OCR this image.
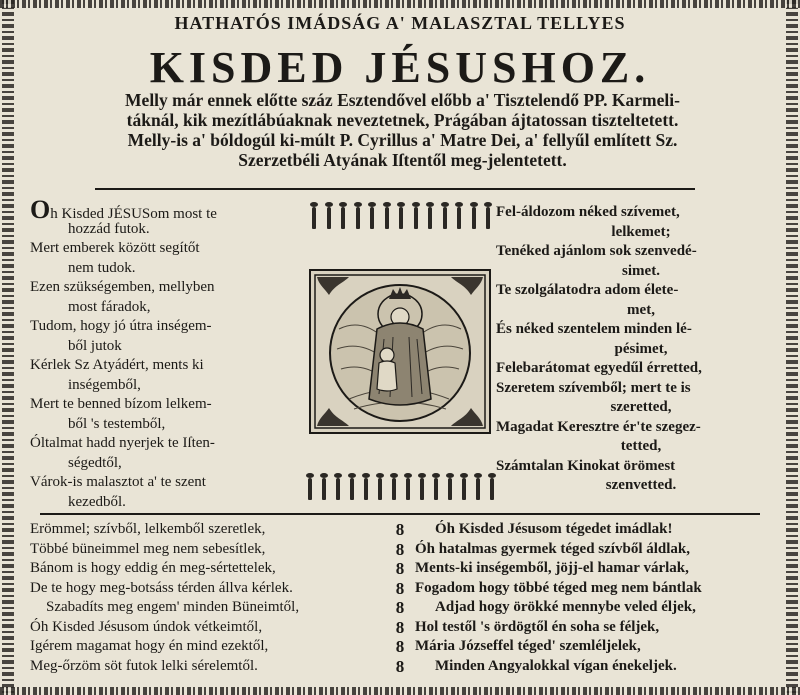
HATHATÓS IMÁDSÁG A' MALASZTAL TELLYES
KISDED JÉSUSHOZ.
Melly már ennek előtte száz Esztendővel előbb a' Tisztelendő PP. Karmeli-
táknál, kik mezítlábúaknak neveztetnek, Prágában ájtatossan tiszteltetett.
Melly-is a' bóldogúl ki-múlt P. Cyrillus a' Matre Dei, a' fellyűl említett Sz.
Szerzetbéli Atyának Iſtentől meg-jelentetett.
Oh Kisded JÉSUSom most te
hozzád futok.
Mert emberek között segítőt
nem tudok.
Ezen szükségemben, mellyben
most fáradok,
Tudom, hogy jó útra inségem-
ből jutok
Kérlek Sz Atyádért, ments ki
inségemből,
Mert te benned bízom lelkem-
ből 's testemből,
Óltalmat hadd nyerjek te Iſten-
ségedtől,
Várok-is malasztot a' te szent
kezedből.
Fel-áldozom néked szívemet,
lelkemet;
Tenéked ajánlom sok szenvedé-
simet.
Te szolgálatodra adom életе-
met,
És néked szentelem minden lé-
pésimet,
Felebarátomat egyedűl érretted,
Szeretem szívemből; mert te is
szeretted,
Magadat Keresztre ér'te szegez-
tetted,
Számtalan Kinokat örömest
szenvetted.
Erömmel; szívből, lelkemből szeretlek,
Többé büneimmel meg nem sebesítlek,
Bánom is hogy eddig én meg-sértettelek,
De te hogy meg-botsáss térden állva kérlek.
Szabadíts meg engem' minden Büneimtől,
Óh Kisded Jésusom úndok vétkeimtől,
Igérem magamat hogy én mind ezektől,
Meg-őrzöm söt futok lelki sérelemtől.
8
8
8
8
8
8
8
8
Óh Kisded Jésusom tégedet imádlak!
Óh hatalmas gyermek téged szívből áldlak,
Ments-ki inségemből, jöjj-el hamar várlak,
Fogadom hogy többé téged meg nem bántlak
Adjad hogy örökké mennybe veled éljek,
Hol testől 's ördögtől én soha se féljek,
Mária Józseffel téged' szemléljelek,
Minden Angyalokkal vígan énekeljek.
